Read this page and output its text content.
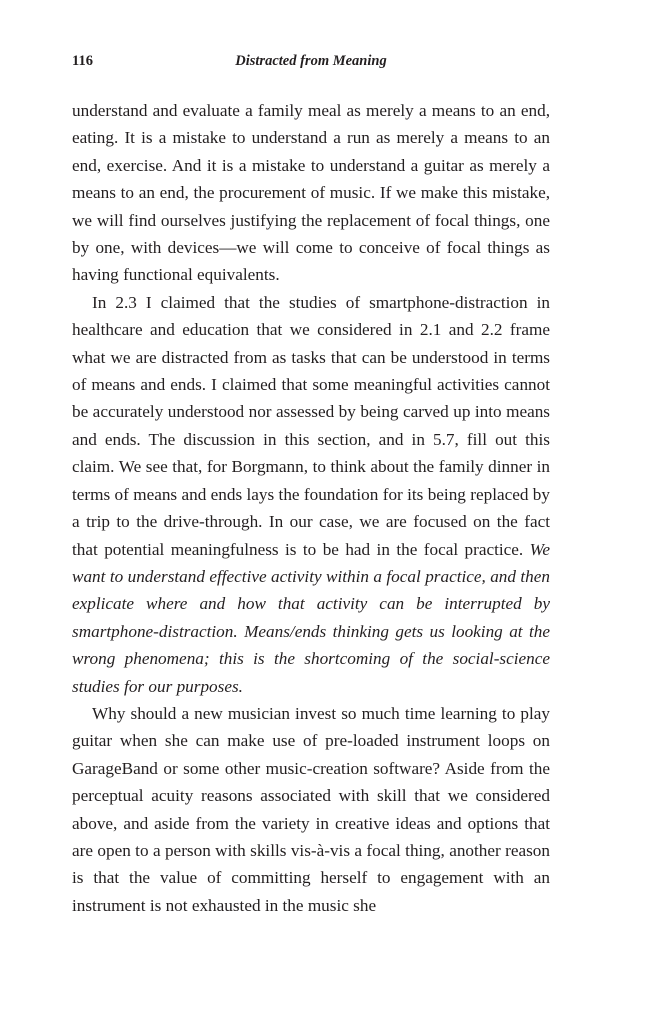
116	Distracted from Meaning

understand and evaluate a family meal as merely a means to an end, eating. It is a mistake to understand a run as merely a means to an end, exercise. And it is a mistake to understand a guitar as merely a means to an end, the procurement of music. If we make this mistake, we will find ourselves justifying the replacement of focal things, one by one, with devices—we will come to conceive of focal things as having functional equivalents.

In 2.3 I claimed that the studies of smartphone-distraction in healthcare and education that we considered in 2.1 and 2.2 frame what we are distracted from as tasks that can be understood in terms of means and ends. I claimed that some meaningful activities cannot be accurately understood nor assessed by being carved up into means and ends. The discussion in this section, and in 5.7, fill out this claim. We see that, for Borgmann, to think about the family dinner in terms of means and ends lays the foundation for its being replaced by a trip to the drive-through. In our case, we are focused on the fact that potential meaningfulness is to be had in the focal practice. We want to understand effective activity within a focal practice, and then explicate where and how that activity can be interrupted by smartphone-distraction. Means/ends thinking gets us looking at the wrong phenomena; this is the shortcoming of the social-science studies for our purposes.

Why should a new musician invest so much time learning to play guitar when she can make use of pre-loaded instrument loops on GarageBand or some other music-creation software? Aside from the perceptual acuity reasons associated with skill that we considered above, and aside from the variety in creative ideas and options that are open to a person with skills vis-à-vis a focal thing, another reason is that the value of committing herself to engagement with an instrument is not exhausted in the music she
